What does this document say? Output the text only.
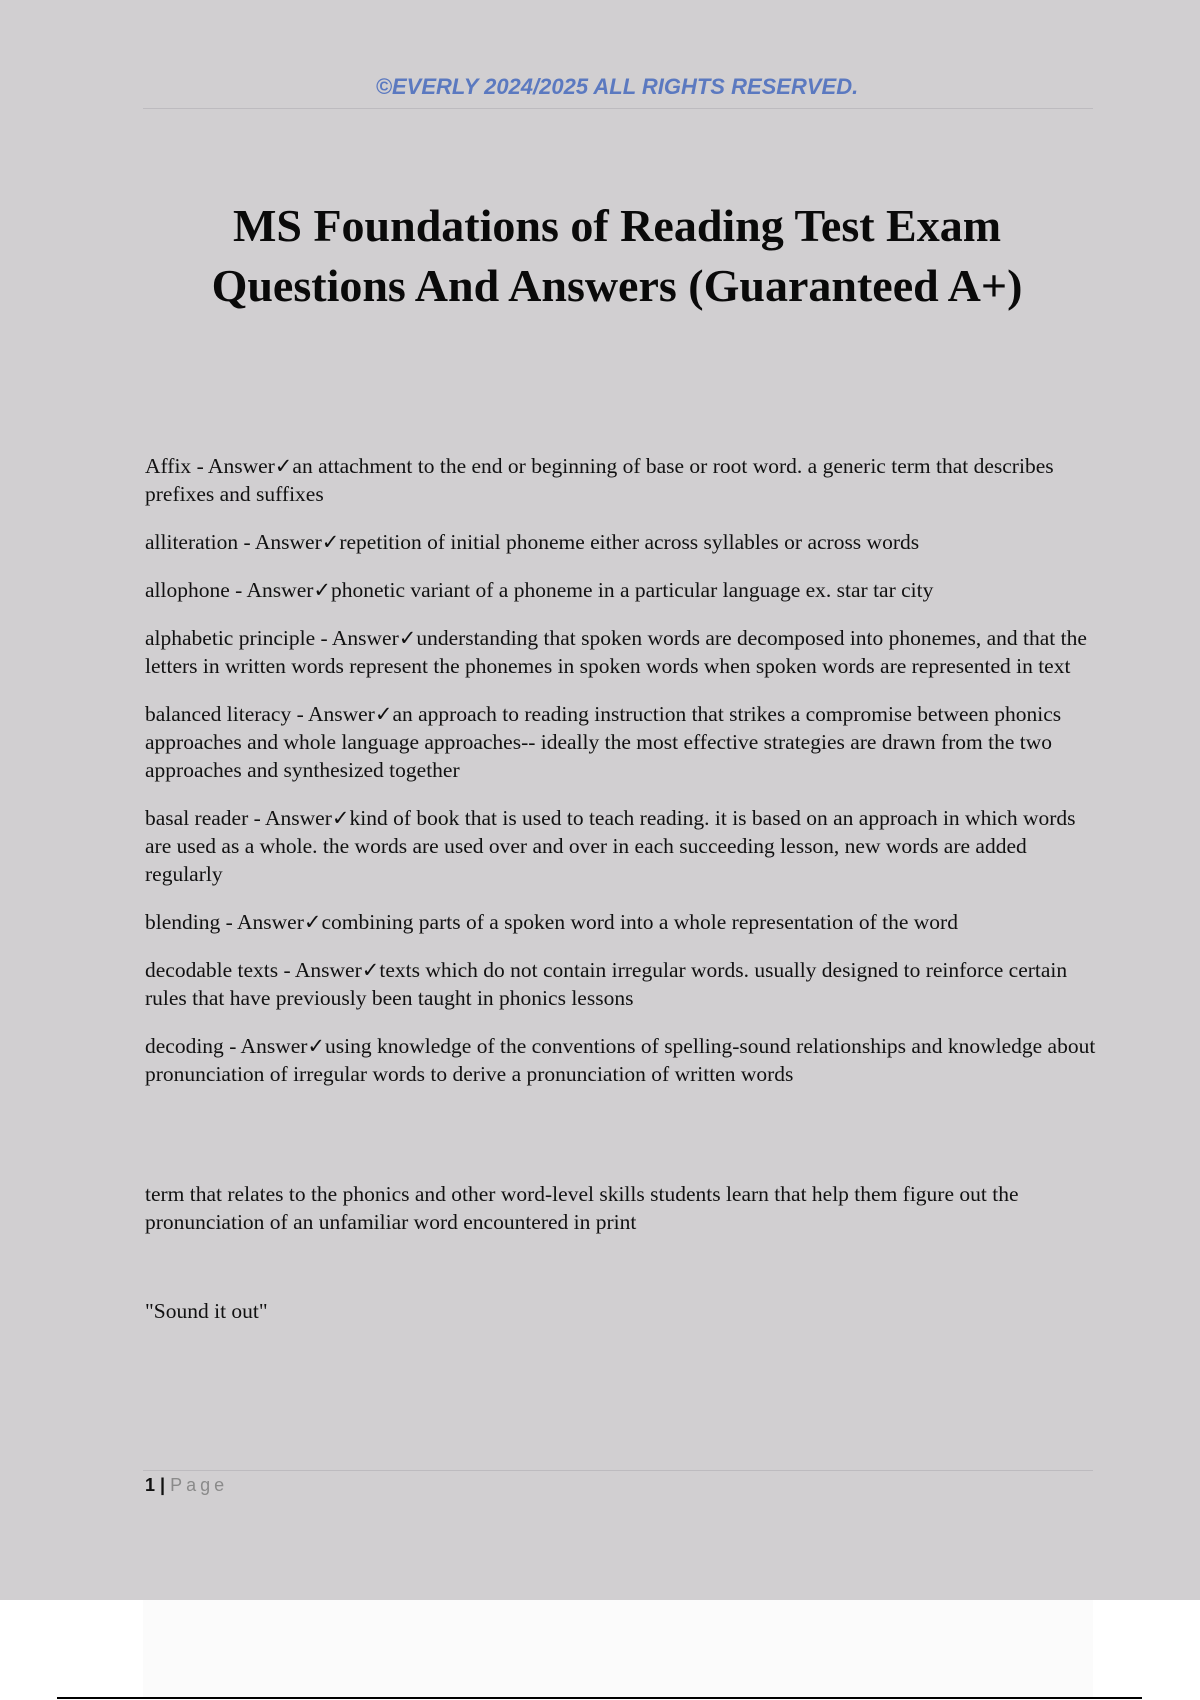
©EVERLY 2024/2025 ALL RIGHTS RESERVED.
MS Foundations of Reading Test Exam
Questions And Answers (Guaranteed A+)

Affix - Answer✓an attachment to the end or beginning of base or root word. a generic term that describes prefixes and suffixes

alliteration - Answer✓repetition of initial phoneme either across syllables or across words

allophone - Answer✓phonetic variant of a phoneme in a particular language ex. star tar city

alphabetic principle - Answer✓understanding that spoken words are decomposed into phonemes, and that the letters in written words represent the phonemes in spoken words when spoken words are represented in text

balanced literacy - Answer✓an approach to reading instruction that strikes a compromise between phonics approaches and whole language approaches-- ideally the most effective strategies are drawn from the two approaches and synthesized together

basal reader - Answer✓kind of book that is used to teach reading. it is based on an approach in which words are used as a whole. the words are used over and over in each succeeding lesson, new words are added regularly

blending - Answer✓combining parts of a spoken word into a whole representation of the word

decodable texts - Answer✓texts which do not contain irregular words. usually designed to reinforce certain rules that have previously been taught in phonics lessons

decoding - Answer✓using knowledge of the conventions of spelling-sound relationships and knowledge about pronunciation of irregular words to derive a pronunciation of written words

term that relates to the phonics and other word-level skills students learn that help them figure out the pronunciation of an unfamiliar word encountered in print

"Sound it out"

1 | Page
